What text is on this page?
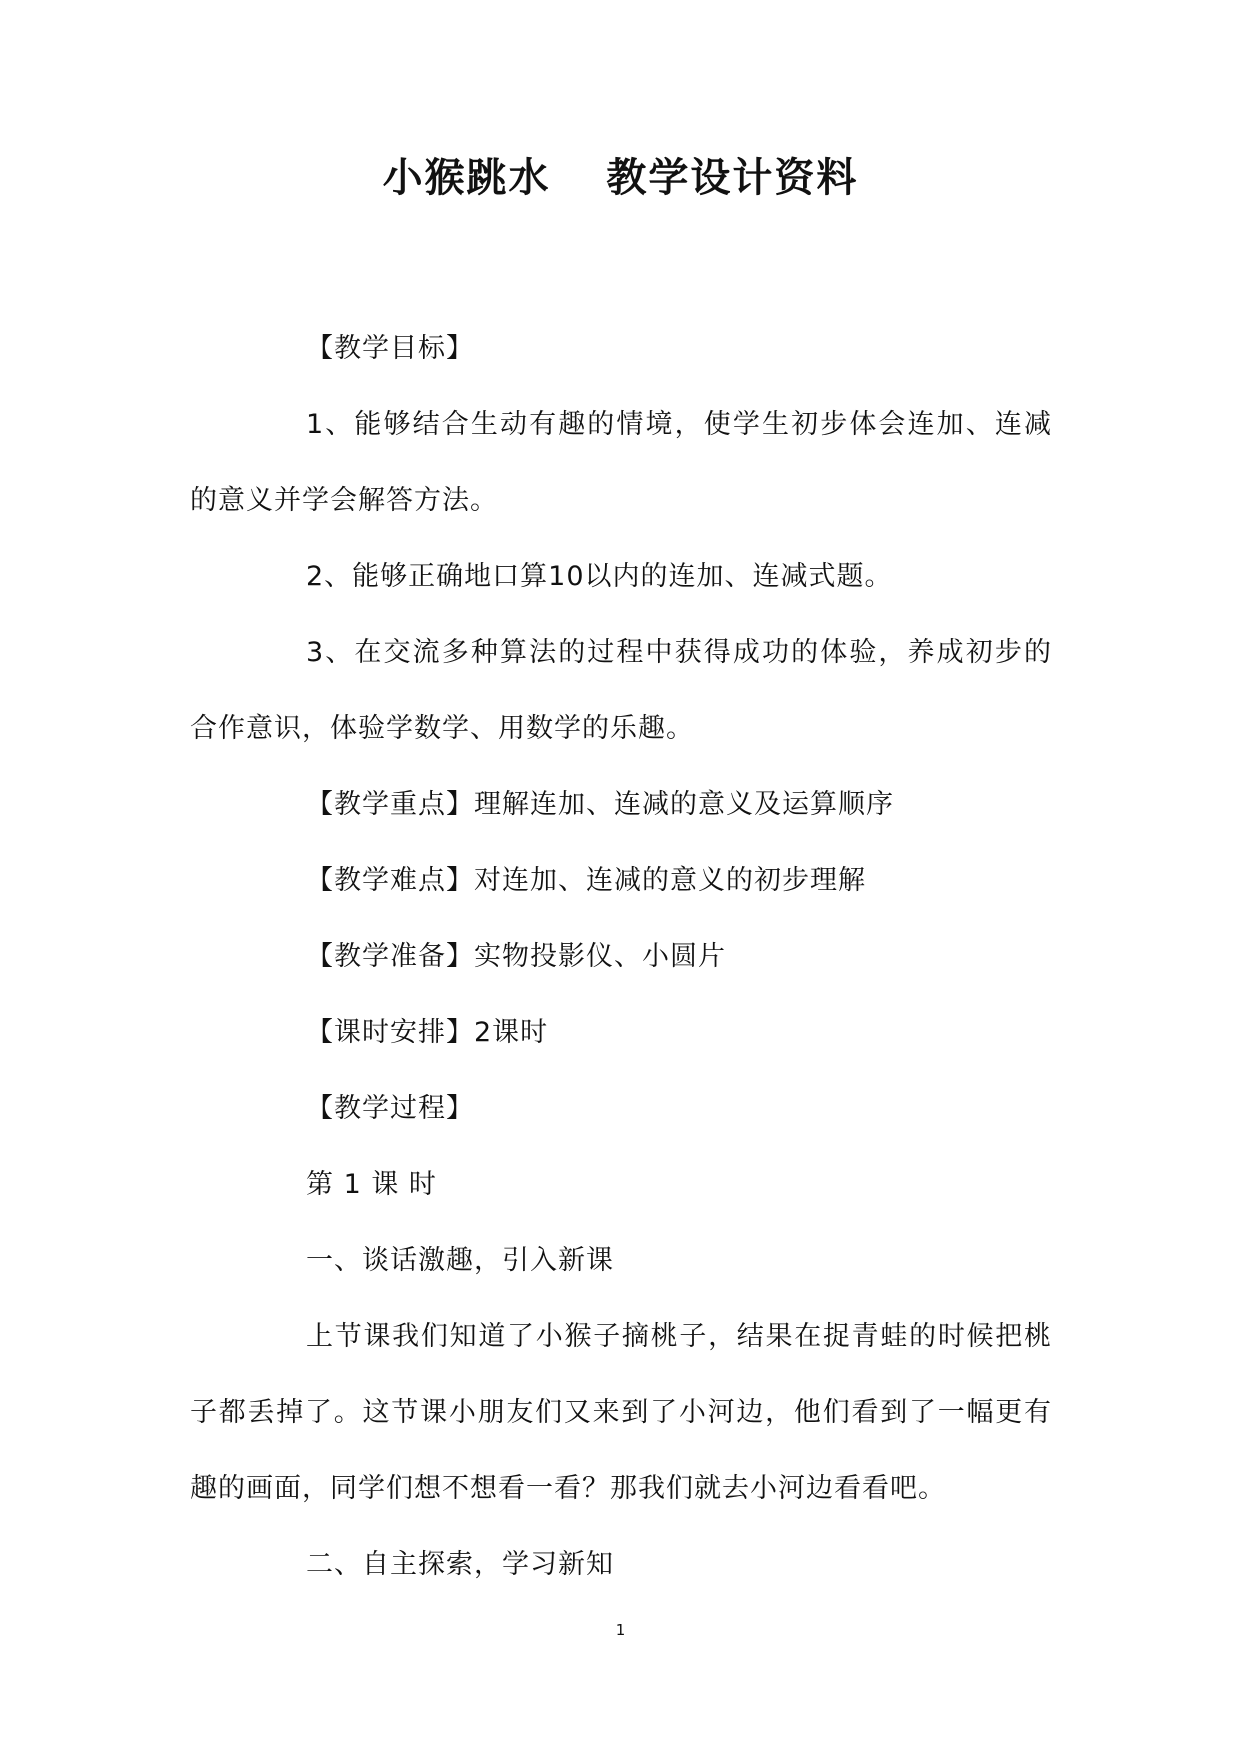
小猴跳水  教学设计资料

【教学目标】

1、能够结合生动有趣的情境，使学生初步体会连加、连减的意义并学会解答方法。

2、能够正确地口算10以内的连加、连减式题。

3、在交流多种算法的过程中获得成功的体验，养成初步的合作意识，体验学数学、用数学的乐趣。

【教学重点】理解连加、连减的意义及运算顺序

【教学难点】对连加、连减的意义的初步理解

【教学准备】实物投影仪、小圆片

【课时安排】2课时

【教学过程】

第 1 课 时

一、谈话激趣，引入新课

上节课我们知道了小猴子摘桃子，结果在捉青蛙的时候把桃子都丢掉了。这节课小朋友们又来到了小河边，他们看到了一幅更有趣的画面，同学们想不想看一看？那我们就去小河边看看吧。

二、自主探索，学习新知

1
